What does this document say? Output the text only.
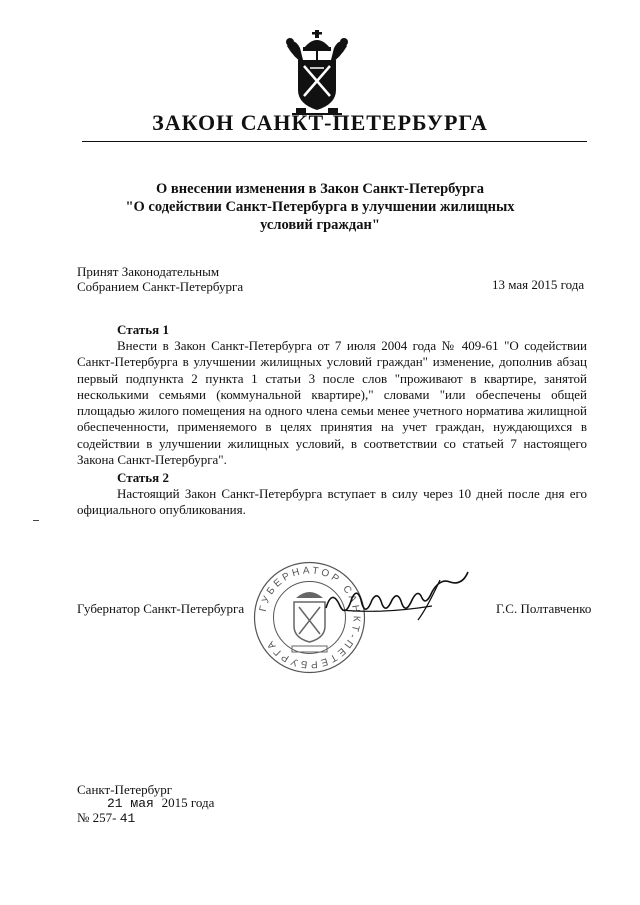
ЗАКОН САНКТ-ПЕТЕРБУРГА
О внесении изменения в Закон Санкт-Петербурга
"О содействии Санкт-Петербурга в улучшении жилищных
условий граждан"
Принят Законодательным
Собранием Санкт-Петербурга	13 мая 2015 года
Статья 1
Внести в Закон Санкт-Петербурга от 7 июля 2004 года № 409-61 "О содействии
Санкт-Петербурга в улучшении жилищных условий граждан" изменение, дополнив абзац
первый подпункта 2 пункта 1 статьи 3 после слов "проживают в квартире, занятой
несколькими семьями (коммунальной квартире)," словами "или обеспечены общей
площадью жилого помещения на одного члена семьи менее учетного норматива жилищной
обеспеченности, применяемого в целях принятия на учет граждан, нуждающихся в
содействии в улучшении жилищных условий, в соответствии со статьей 7 настоящего
Закона Санкт-Петербурга".
Статья 2
Настоящий Закон Санкт-Петербурга вступает в силу через 10 дней после дня его
официального опубликования.
ГУБЕРНАТОР САНКТ-ПЕТЕРБУРГА
Губернатор Санкт-Петербурга	Г.С. Полтавченко
Санкт-Петербург
21 мая 2015 года
№ 257- 41
